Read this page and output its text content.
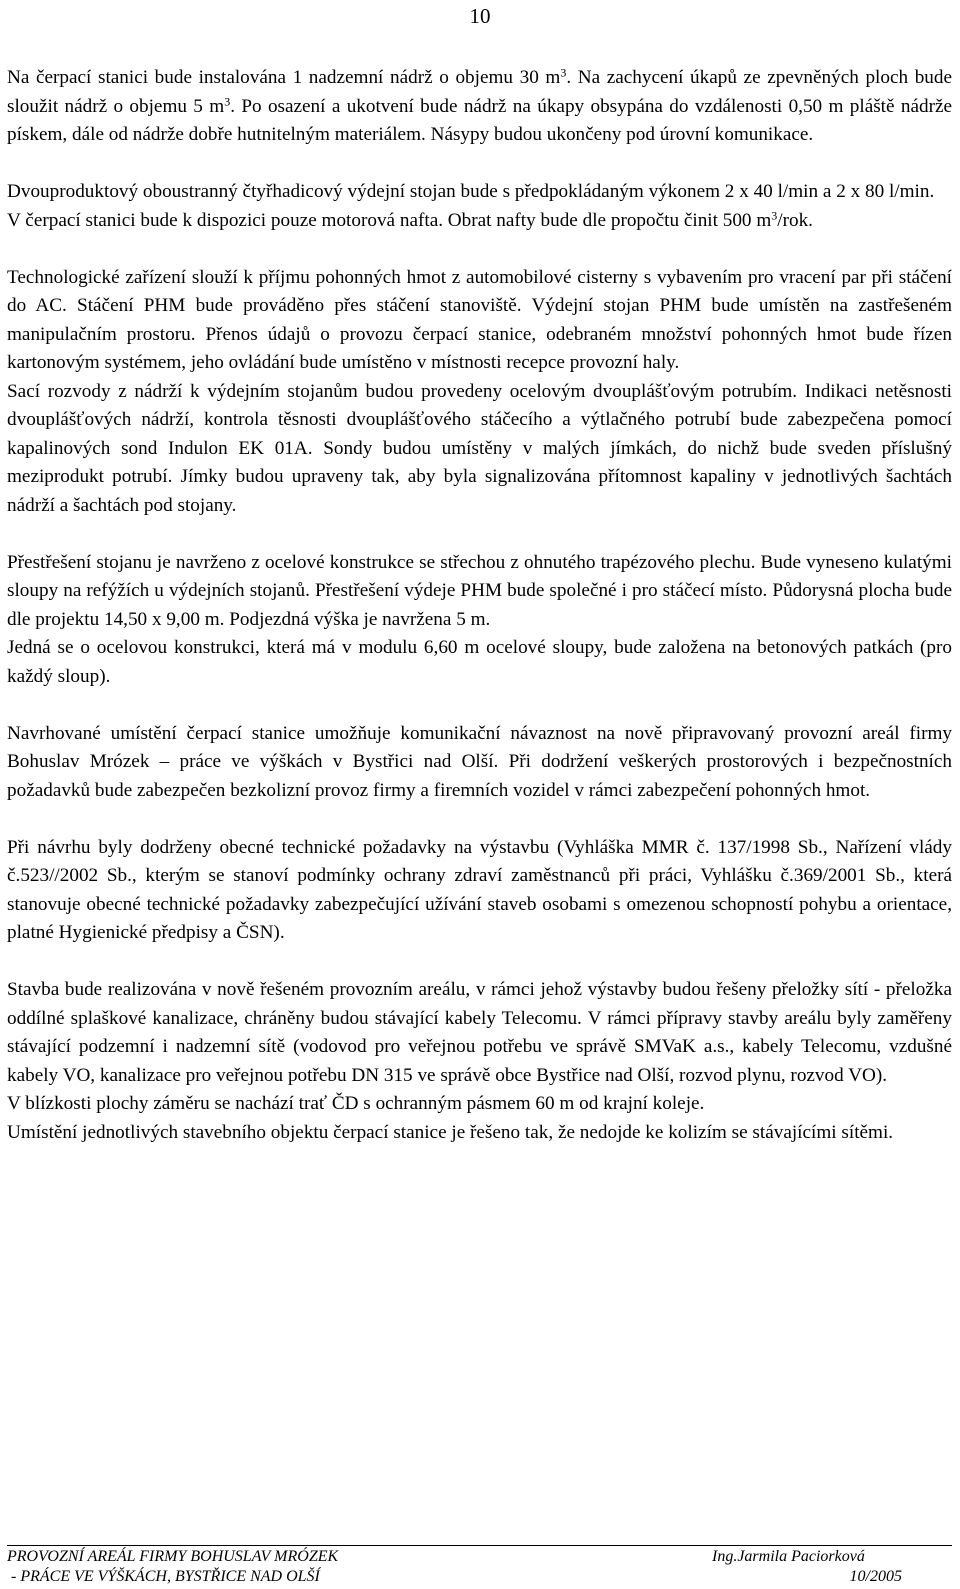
10

Na čerpací stanici bude instalována 1 nadzemní nádrž o objemu 30 $m^3$. Na zachycení úkapů ze zpevněných ploch bude sloužit nádrž o objemu 5 $m^3$. Po osazení a ukotvení bude nádrž na úkapy obsypána do vzdálenosti 0,50 m pláště nádrže pískem, dále od nádrže dobře hutnitelným materiálem. Násypy budou ukončeny pod úrovní komunikace.

Dvouproduktový oboustranný čtyřhadicový výdejní stojan bude s předpokládaným výkonem 2 x 40 l/min a 2 x 80 l/min.

V čerpací stanici bude k dispozici pouze motorová nafta. Obrat nafty bude dle propočtu činit 500 $m^3$/rok.

Technologické zařízení slouží k příjmu pohonných hmot z automobilové cisterny s vybavením pro vracení par při stáčení do AC. Stáčení PHM bude prováděno přes stáčení stanoviště. Výdejní stojan PHM bude umístěn na zastřešeném manipulačním prostoru. Přenos údajů o provozu čerpací stanice, odebraném množství pohonných hmot bude řízen kartonovým systémem, jeho ovládání bude umístěno v místnosti recepce provozní haly.

Sací rozvody z nádrží k výdejním stojanům budou provedeny ocelovým dvouplášťovým potrubím. Indikaci netěsnosti dvouplášťových nádrží, kontrola těsnosti dvouplášťového stáčecího a výtlačného potrubí bude zabezpečena pomocí kapalinových sond Indulon EK 01A. Sondy budou umístěny v malých jímkách, do nichž bude sveden příslušný meziprodukt potrubí. Jímky budou upraveny tak, aby byla signalizována přítomnost kapaliny v jednotlivých šachtách nádrží a šachtách pod stojany.

Přestřešení stojanu je navrženo z ocelové konstrukce se střechou z ohnutého trapézového plechu. Bude vyneseno kulatými sloupy na refýžích u výdejních stojanů. Přestřešení výdeje PHM bude společné i pro stáčecí místo. Půdorysná plocha bude dle projektu 14,50 x 9,00 m. Podjezdná výška je navržena 5 m.

Jedná se o ocelovou konstrukci, která má v modulu 6,60 m ocelové sloupy, bude založena na betonových patkách (pro každý sloup).

Navrhované umístění čerpací stanice umožňuje komunikační návaznost na nově připravovaný provozní areál firmy Bohuslav Mrózek – práce ve výškách v Bystřici nad Olší. Při dodržení veškerých prostorových i bezpečnostních požadavků bude zabezpečen bezkolizní provoz firmy a firemních vozidel v rámci zabezpečení pohonných hmot.

Při návrhu byly dodrženy obecné technické požadavky na výstavbu (Vyhláška MMR č. 137/1998 Sb., Nařízení vlády č.523//2002 Sb., kterým se stanoví podmínky ochrany zdraví zaměstnanců při práci, Vyhlášku č.369/2001 Sb., která stanovuje obecné technické požadavky zabezpečující užívání staveb osobami s omezenou schopností pohybu a orientace, platné Hygienické předpisy a ČSN).

Stavba bude realizována v nově řešeném provozním areálu, v rámci jehož výstavby budou řešeny přeložky sítí - přeložka oddílné splaškové kanalizace, chráněny budou stávající kabely Telecomu. V rámci přípravy stavby areálu byly zaměřeny stávající podzemní i nadzemní sítě (vodovod pro veřejnou potřebu ve správě SMVaK a.s., kabely Telecomu, vzdušné kabely VO, kanalizace pro veřejnou potřebu DN 315 ve správě obce Bystřice nad Olší, rozvod plynu, rozvod VO).

V blízkosti plochy záměru se nachází trať ČD s ochranným pásmem 60 m od krajní koleje.

Umístění jednotlivých stavebního objektu čerpací stanice je řešeno tak, že nedojde ke kolizím se stávajícími sítěmi.

PROVOZNÍ AREÁL FIRMY BOHUSLAV MRÓZEK	Ing.Jarmila Paciorková
- PRÁCE VE VÝŠKÁCH, BYSTŘICE NAD OLŠÍ	10/2005
